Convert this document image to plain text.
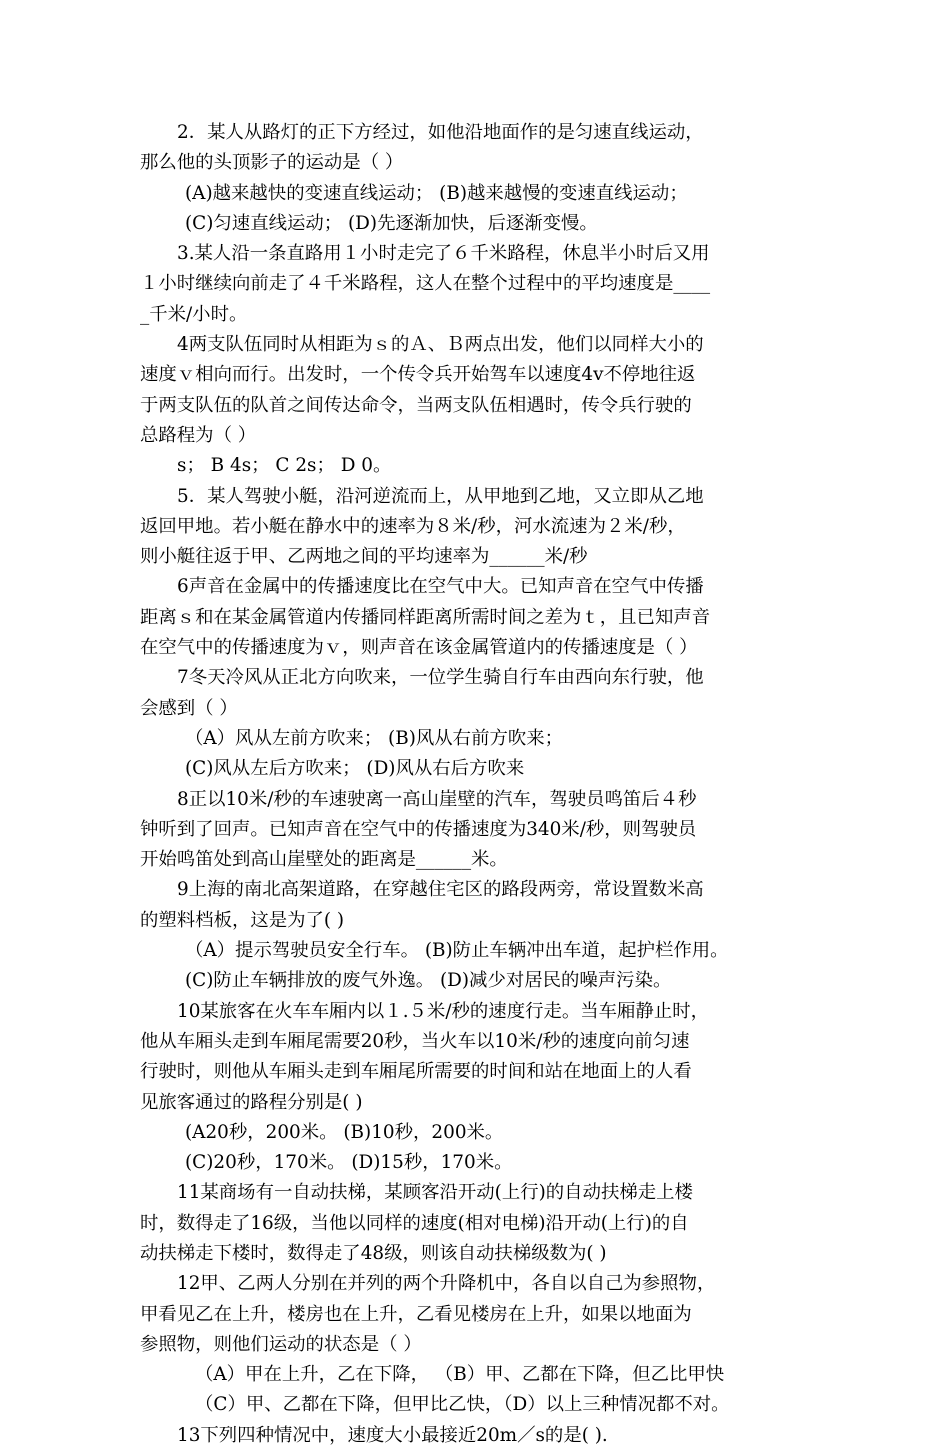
2．某人从路灯的正下方经过，如他沿地面作的是匀速直线运动，
那么他的头顶影子的运动是（ ）
(A)越来越快的变速直线运动； (B)越来越慢的变速直线运动；
(C)匀速直线运动； (D)先逐渐加快，后逐渐变慢。
3.某人沿一条直路用１小时走完了６千米路程，休息半小时后又用
１小时继续向前走了４千米路程，这人在整个过程中的平均速度是____
_千米/小时。
4两支队伍同时从相距为ｓ的Ａ、Ｂ两点出发，他们以同样大小的
速度ｖ相向而行。出发时，一个传令兵开始驾车以速度4v不停地往返
于两支队伍的队首之间传达命令，当两支队伍相遇时，传令兵行驶的
总路程为（ ）
s； B 4s； C 2s； D 0。
5．某人驾驶小艇，沿河逆流而上，从甲地到乙地，又立即从乙地
返回甲地。若小艇在静水中的速率为８米/秒，河水流速为２米/秒，
则小艇往返于甲、乙两地之间的平均速率为______米/秒
6声音在金属中的传播速度比在空气中大。已知声音在空气中传播
距离ｓ和在某金属管道内传播同样距离所需时间之差为ｔ，且已知声音
在空气中的传播速度为ｖ，则声音在该金属管道内的传播速度是（ ）
7冬天冷风从正北方向吹来，一位学生骑自行车由西向东行驶，他
会感到（ ）
（A）风从左前方吹来； (B)风从右前方吹来；
(C)风从左后方吹来； (D)风从右后方吹来
8正以10米/秒的车速驶离一高山崖壁的汽车，驾驶员鸣笛后４秒
钟听到了回声。已知声音在空气中的传播速度为340米/秒，则驾驶员
开始鸣笛处到高山崖壁处的距离是______米。
9上海的南北高架道路，在穿越住宅区的路段两旁，常设置数米高
的塑料档板，这是为了( )
（A）提示驾驶员安全行车。 (B)防止车辆冲出车道，起护栏作用。
(C)防止车辆排放的废气外逸。 (D)减少对居民的噪声污染。
10某旅客在火车车厢内以１.５米/秒的速度行走。当车厢静止时，
他从车厢头走到车厢尾需要20秒，当火车以10米/秒的速度向前匀速
行驶时，则他从车厢头走到车厢尾所需要的时间和站在地面上的人看
见旅客通过的路程分别是( )
(A20秒，200米。 (B)10秒，200米。
(C)20秒，170米。 (D)15秒，170米。
11某商场有一自动扶梯，某顾客沿开动(上行)的自动扶梯走上楼
时，数得走了16级，当他以同样的速度(相对电梯)沿开动(上行)的自
动扶梯走下楼时，数得走了48级，则该自动扶梯级数为( )
12甲、乙两人分别在并列的两个升降机中，各自以自己为参照物，
甲看见乙在上升，楼房也在上升，乙看见楼房在上升，如果以地面为
参照物，则他们运动的状态是（ ）
（A）甲在上升，乙在下降， （B）甲、乙都在下降，但乙比甲快
（C）甲、乙都在下降，但甲比乙快，（D）以上三种情况都不对。
13下列四种情况中，速度大小最接近20m／s的是( ).
